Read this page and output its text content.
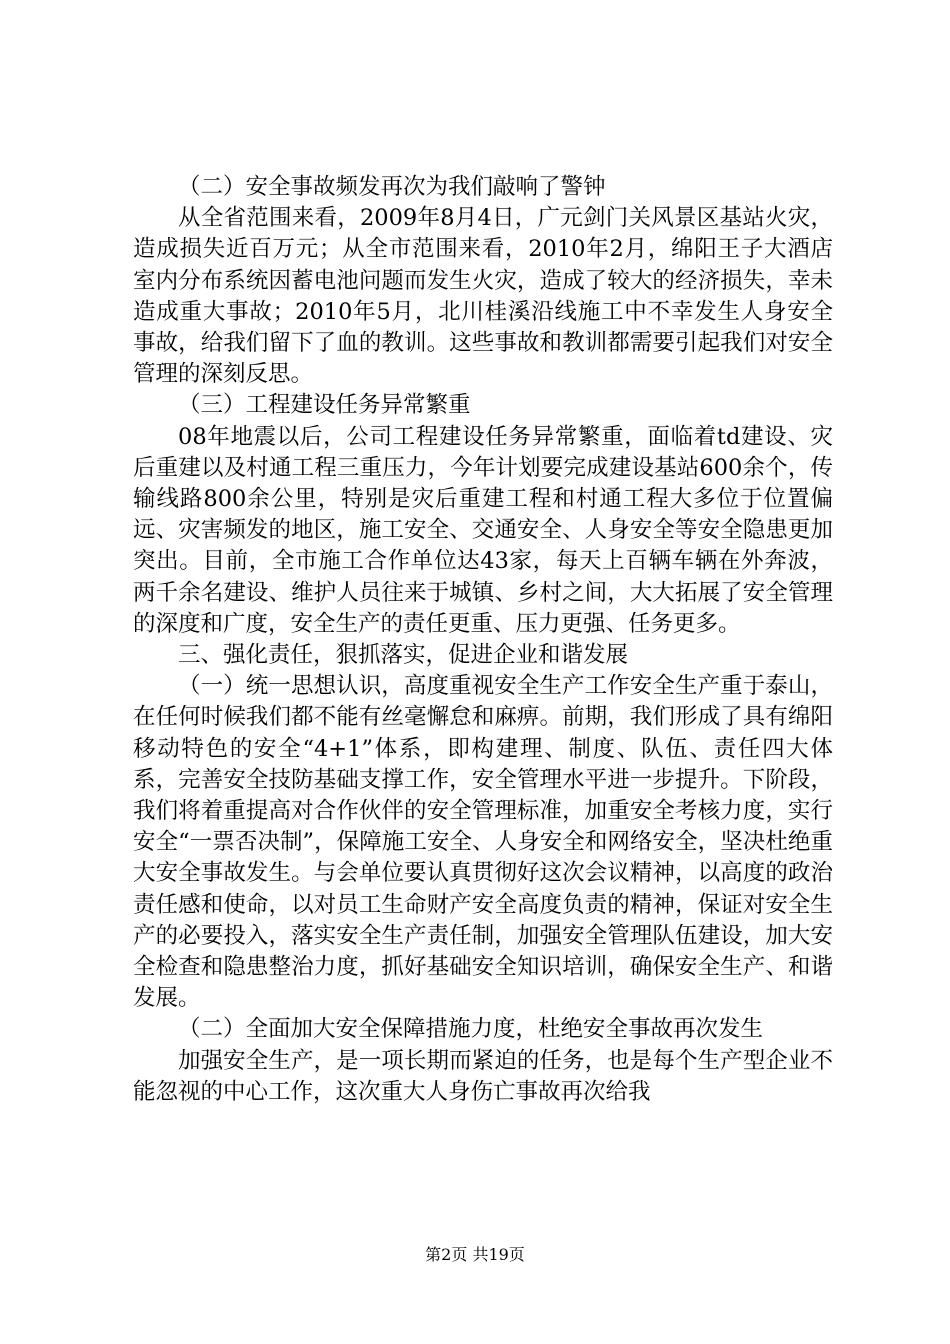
（二）安全事故频发再次为我们敲响了警钟

从全省范围来看，2009年8月4日，广元剑门关风景区基站火灾，造成损失近百万元；从全市范围来看，2010年2月，绵阳王子大酒店室内分布系统因蓄电池问题而发生火灾，造成了较大的经济损失，幸未造成重大事故；2010年5月，北川桂溪沿线施工中不幸发生人身安全事故，给我们留下了血的教训。这些事故和教训都需要引起我们对安全管理的深刻反思。

（三）工程建设任务异常繁重

08年地震以后，公司工程建设任务异常繁重，面临着td建设、灾后重建以及村通工程三重压力，今年计划要完成建设基站600余个，传输线路800余公里，特别是灾后重建工程和村通工程大多位于位置偏远、灾害频发的地区，施工安全、交通安全、人身安全等安全隐患更加突出。目前，全市施工合作单位达43家，每天上百辆车辆在外奔波，两千余名建设、维护人员往来于城镇、乡村之间，大大拓展了安全管理的深度和广度，安全生产的责任更重、压力更强、任务更多。

三、强化责任，狠抓落实，促进企业和谐发展

（一）统一思想认识，高度重视安全生产工作安全生产重于泰山，在任何时候我们都不能有丝毫懈怠和麻痹。前期，我们形成了具有绵阳移动特色的安全“4+1”体系，即构建理、制度、队伍、责任四大体系，完善安全技防基础支撑工作，安全管理水平进一步提升。下阶段，我们将着重提高对合作伙伴的安全管理标准，加重安全考核力度，实行安全“一票否决制”，保障施工安全、人身安全和网络安全，坚决杜绝重大安全事故发生。与会单位要认真贯彻好这次会议精神，以高度的政治责任感和使命，以对员工生命财产安全高度负责的精神，保证对安全生产的必要投入，落实安全生产责任制，加强安全管理队伍建设，加大安全检查和隐患整治力度，抓好基础安全知识培训，确保安全生产、和谐发展。

（二）全面加大安全保障措施力度，杜绝安全事故再次发生

加强安全生产，是一项长期而紧迫的任务，也是每个生产型企业不能忽视的中心工作，这次重大人身伤亡事故再次给我

第2页 共19页
